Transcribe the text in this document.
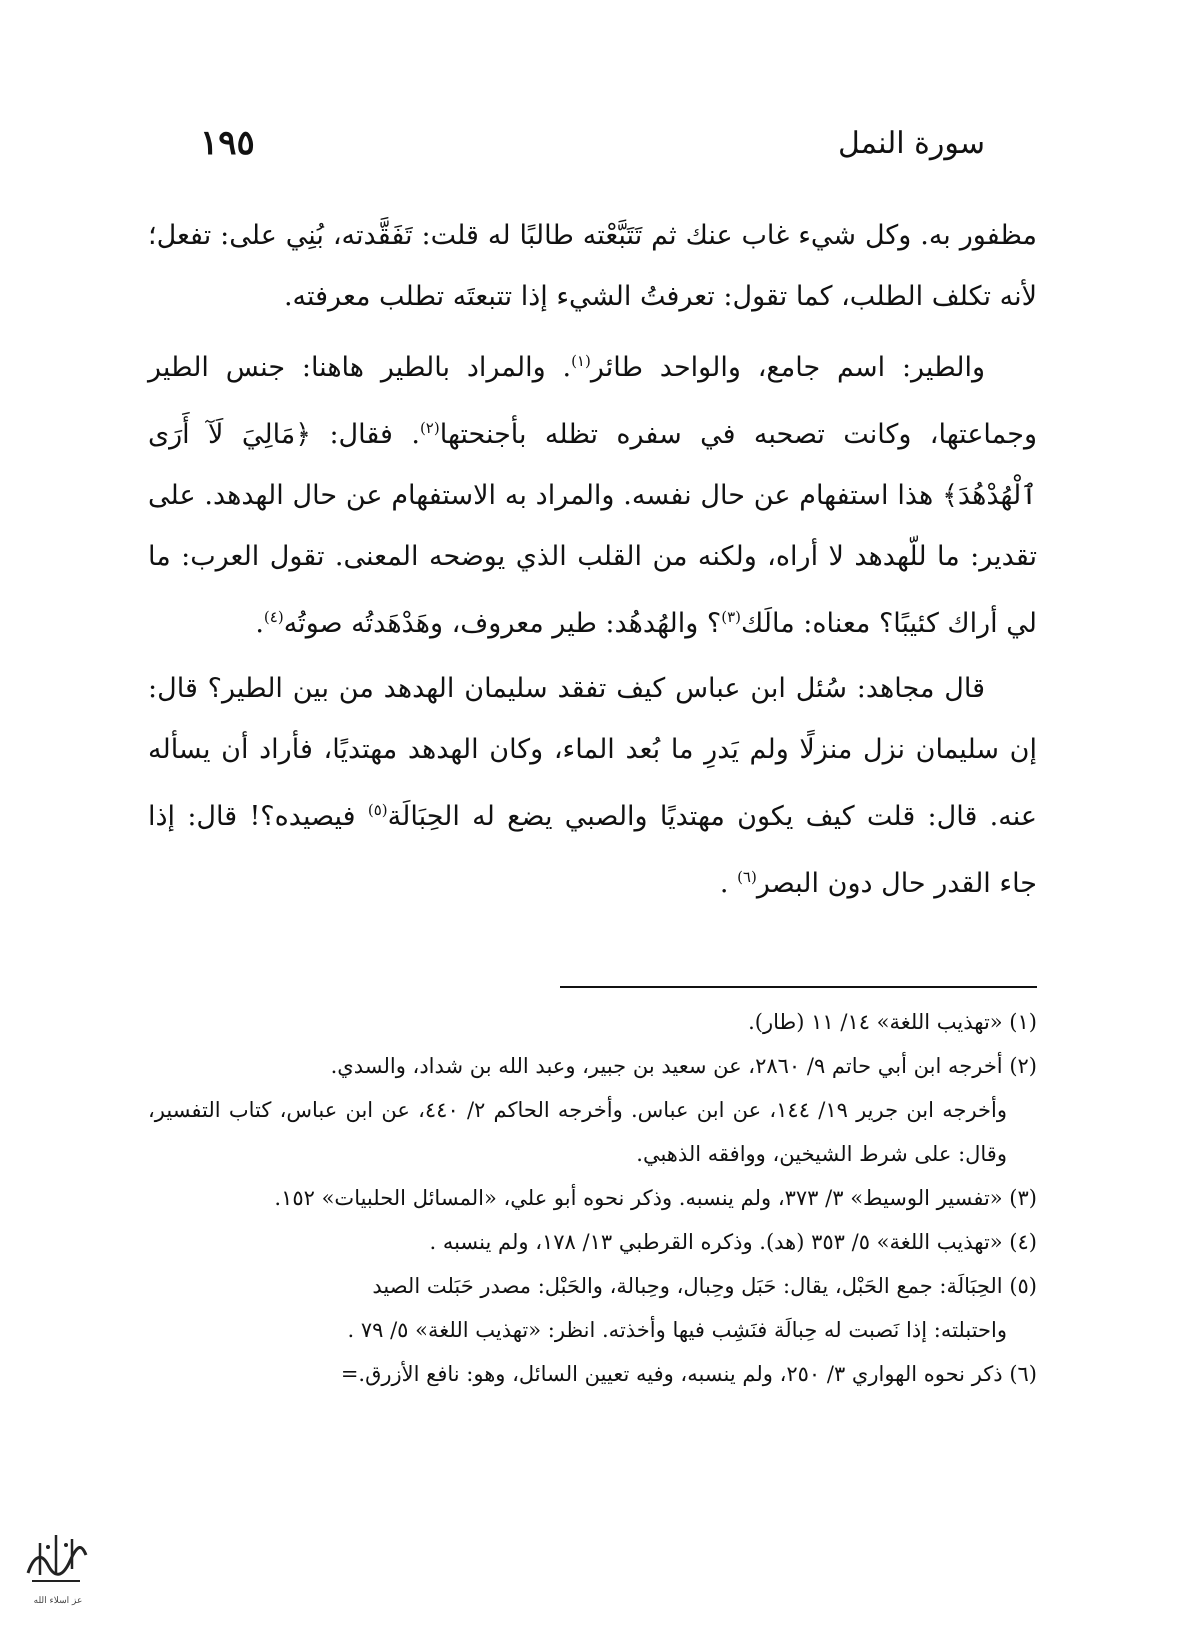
سورة النمل
١٩٥

مظفور به. وكل شيء غاب عنك ثم تَتَبَّعْته طالبًا له قلت: تَفَقَّدته، بُنِي على: تفعل؛ لأنه تكلف الطلب، كما تقول: تعرفتُ الشيء إذا تتبعتَه تطلب معرفته.

والطير: اسم جامع، والواحد طائر$^{(١)}$. والمراد بالطير هاهنا: جنس الطير وجماعتها، وكانت تصحبه في سفره تظله بأجنحتها$^{(٢)}$. فقال: ﴿مَالِيَ لَآ أَرَى ٱلْهُدْهُدَ﴾ هذا استفهام عن حال نفسه. والمراد به الاستفهام عن حال الهدهد. على تقدير: ما للّهدهد لا أراه، ولكنه من القلب الذي يوضحه المعنى. تقول العرب: ما لي أراك كئيبًا؟ معناه: مالَك$^{(٣)}$؟ والهُدهُد: طير معروف، وهَدْهَدتُه صوتُه$^{(٤)}$.

قال مجاهد: سُئل ابن عباس كيف تفقد سليمان الهدهد من بين الطير؟ قال: إن سليمان نزل منزلًا ولم يَدرِ ما بُعد الماء، وكان الهدهد مهتديًا، فأراد أن يسأله عنه. قال: قلت كيف يكون مهتديًا والصبي يضع له الحِبَالَة$^{(٥)}$ فيصيده؟! قال: إذا جاء القدر حال دون البصر$^{(٦)}$ .

(١) «تهذيب اللغة» ١٤/ ١١ (طار).

(٢) أخرجه ابن أبي حاتم ٩/ ٢٨٦٠، عن سعيد بن جبير، وعبد الله بن شداد، والسدي.

وأخرجه ابن جرير ١٩/ ١٤٤، عن ابن عباس. وأخرجه الحاكم ٢/ ٤٤٠، عن ابن عباس، كتاب التفسير، وقال: على شرط الشيخين، ووافقه الذهبي.

(٣) «تفسير الوسيط» ٣/ ٣٧٣، ولم ينسبه. وذكر نحوه أبو علي، «المسائل الحلبيات» ١٥٢.

(٤) «تهذيب اللغة» ٥/ ٣٥٣ (هد). وذكره القرطبي ١٣/ ١٧٨، ولم ينسبه .

(٥) الحِبَالَة: جمع الحَبْل، يقال: حَبَل وحِبال، وحِبالة، والحَبْل: مصدر حَبَلت الصيد

واحتبلته: إذا نَصبت له حِبالَة فنَشِب فيها وأخذته. انظر: «تهذيب اللغة» ٥/ ٧٩ .

(٦) ذكر نحوه الهواري ٣/ ٢٥٠، ولم ينسبه، وفيه تعيين السائل، وهو: نافع الأزرق.=

عز اسلاء الله
